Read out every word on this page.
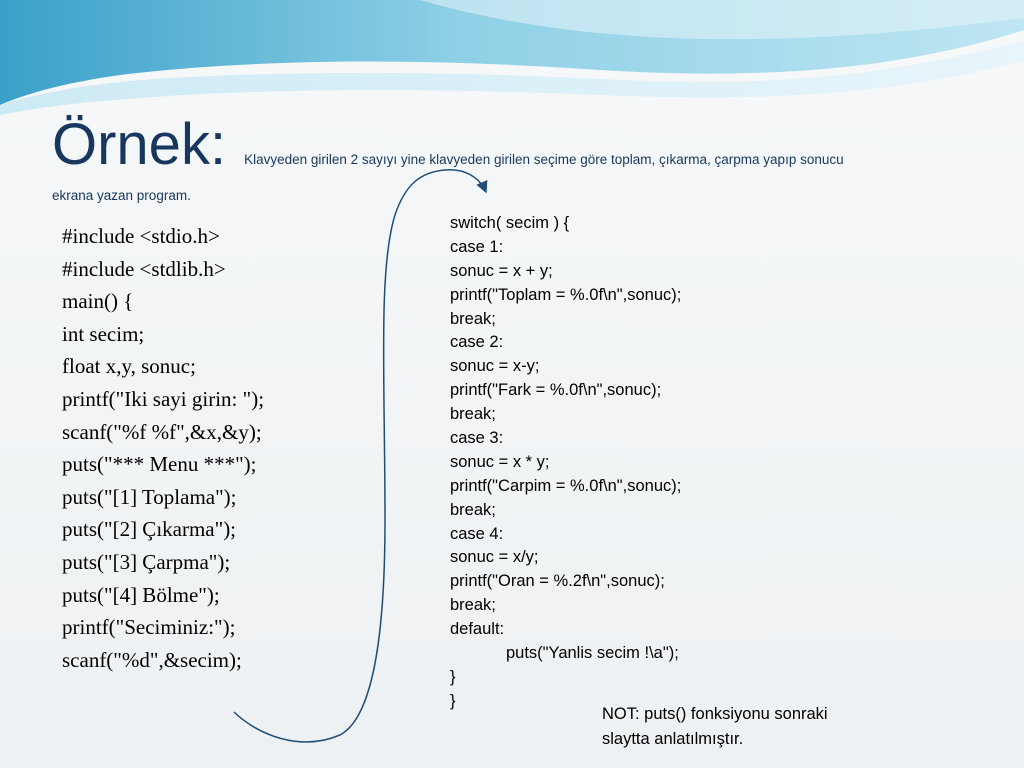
Örnek: Klavyeden girilen 2 sayıyı yine klavyeden girilen seçime göre toplam, çıkarma, çarpma yapıp sonucu
ekrana yazan program.
#include <stdio.h>
#include <stdlib.h>
main() {
int secim;
float x,y, sonuc;
printf("Iki sayi girin: ");
scanf("%f %f",&x,&y);
puts("*** Menu ***");
puts("[1] Toplama");
puts("[2] Çıkarma");
puts("[3] Çarpma");
puts("[4] Bölme");
printf("Seciminiz:");
scanf("%d",&secim);
switch( secim ) {
case 1:
sonuc = x + y;
printf("Toplam = %.0f\n",sonuc);
break;
case 2:
sonuc = x-y;
printf("Fark = %.0f\n",sonuc);
break;
case 3:
sonuc = x * y;
printf("Carpim = %.0f\n",sonuc);
break;
case 4:
sonuc = x/y;
printf("Oran = %.2f\n",sonuc);
break;
default:
puts("Yanlis secim !\a");
}
}
NOT: puts() fonksiyonu sonraki
slaytta anlatılmıştır.
